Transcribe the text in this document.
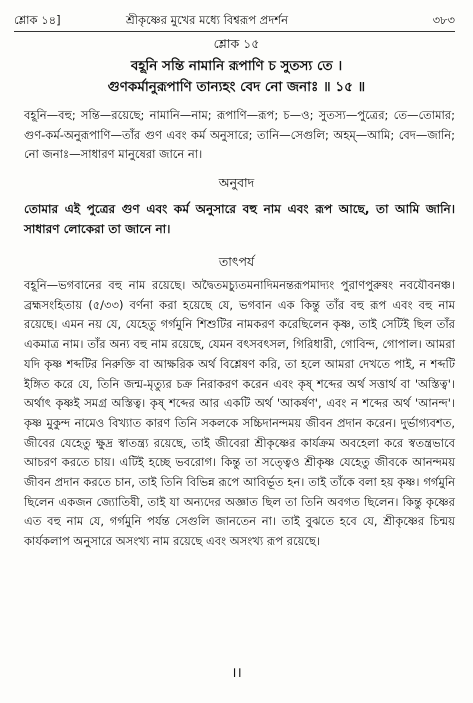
শ্লোক ১৪]	শ্রীকৃষ্ণের মুখের মধ্যে বিশ্বরূপ প্রদর্শন	৩৮৩
শ্লোক ১৫
বহূনি সন্তি নামানি রূপাণি চ সুতস্য তে ।
গুণকর্মানুরূপাণি তান্যহং বেদ নো জনাঃ ॥ ১৫ ॥

বহূনি—বহু; সন্তি—রয়েছে; নামানি—নাম; রূপাণি—রূপ; চ—ও; সুতস্য—পুত্রের; তে—তোমার; গুণ-কর্ম-অনুরূপাণি—তাঁর গুণ এবং কর্ম অনুসারে; তানি—সেগুলি; অহম্—আমি; বেদ—জানি; নো জনাঃ—সাধারণ মানুষেরা জানে না।

অনুবাদ

তোমার এই পুত্রের গুণ এবং কর্ম অনুসারে বহু নাম এবং রূপ আছে, তা আমি জানি। সাধারণ লোকেরা তা জানে না।

তাৎপর্য

বহূনি—ভগবানের বহু নাম রয়েছে। অদ্বৈতমচ্যুতমনাদিমনন্তরূপমাদ্যং পুরাণপুরুষং নবযৌবনঞ্চ। ব্রহ্মসংহিতায় (৫/৩৩) বর্ণনা করা হয়েছে যে, ভগবান এক কিন্তু তাঁর বহু রূপ এবং বহু নাম রয়েছে। এমন নয় যে, যেহেতু গর্গমুনি শিশুটির নামকরণ করেছিলেন কৃষ্ণ, তাই সেটিই ছিল তাঁর একমাত্র নাম। তাঁর অন্য বহু নাম রয়েছে, যেমন বৎসবৎসল, গিরিধারী, গোবিন্দ, গোপাল। আমরা যদি কৃষ্ণ শব্দটির নিরুক্তি বা আক্ষরিক অর্থ বিশ্লেষণ করি, তা হলে আমরা দেখতে পাই, ন শব্দটি ইঙ্গিত করে যে, তিনি জন্ম-মৃত্যুর চক্র নিরাকরণ করেন এবং কৃষ্ শব্দের অর্থ সত্তার্থ বা 'অস্তিত্ব'। অর্থাৎ কৃষ্ণই সমগ্র অস্তিত্ব। কৃষ্ শব্দের আর একটি অর্থ 'আকর্ষণ', এবং ন শব্দের অর্থ 'আনন্দ'। কৃষ্ণ মুকুন্দ নামেও বিখ্যাত কারণ তিনি সকলকে সচ্চিদানন্দময় জীবন প্রদান করেন। দুর্ভাগ্যবশত, জীবের যেহেতু ক্ষুদ্র স্বাতন্ত্র্য রয়েছে, তাই জীবেরা শ্রীকৃষ্ণের কার্যক্রম অবহেলা করে স্বতন্ত্রভাবে আচরণ করতে চায়। এটিই হচ্ছে ভবরোগ। কিন্তু তা সত্ত্বেও শ্রীকৃষ্ণ যেহেতু জীবকে আনন্দময় জীবন প্রদান করতে চান, তাই তিনি বিভিন্ন রূপে আবির্ভূত হন। তাই তাঁকে বলা হয় কৃষ্ণ। গর্গমুনি ছিলেন একজন জ্যোতিষী, তাই যা অন্যদের অজ্ঞাত ছিল তা তিনি অবগত ছিলেন। কিন্তু কৃষ্ণের এত বহু নাম যে, গর্গমুনি পর্যন্ত সেগুলি জানতেন না। তাই বুঝতে হবে যে, শ্রীকৃষ্ণের চিন্ময় কার্যকলাপ অনুসারে অসংখ্য নাম রয়েছে এবং অসংখ্য রূপ রয়েছে।

।।
